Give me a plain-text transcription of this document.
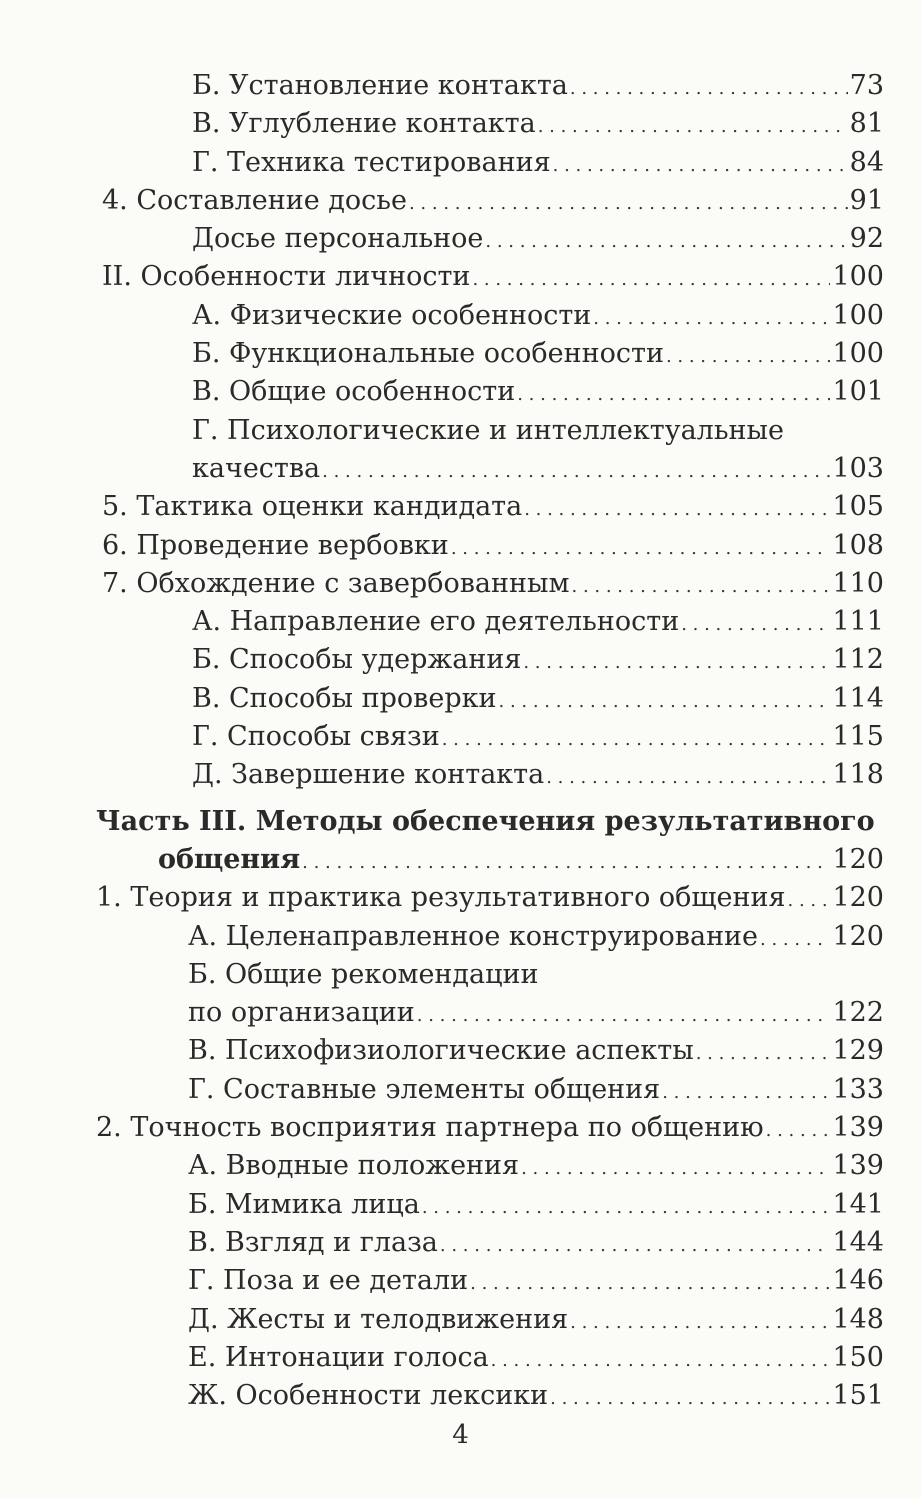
Б. Установление контакта . . .	73
В. Углубление контакта . . .	81
Г. Техника тестирования . . .	84
4. Составление досье . . .	91
Досье персональное . . .	92
II. Особенности личности . . .	100
А. Физические особенности . . .	100
Б. Функциональные особенности . . .	100
В. Общие особенности . . .	101
Г. Психологические и интеллектуальные
качества . . .	103
5. Тактика оценки кандидата . . .	105
6. Проведение вербовки . . .	108
7. Обхождение с завербованным . . .	110
А. Направление его деятельности . . .	111
Б. Способы удержания . . .	112
В. Способы проверки . . .	114
Г. Способы связи . . .	115
Д. Завершение контакта . . .	118
Часть III. Методы обеспечения результативного
общения . . .	120
1. Теория и практика результативного общения . . . 120
А. Целенаправленное конструирование . . .	120
Б. Общие рекомендации
по организации . . .	122
В. Психофизиологические аспекты . . .	129
Г. Составные элементы общения . . .	133
2. Точность восприятия партнера по общению . . .	139
А. Вводные положения . . .	139
Б. Мимика лица . . .	141
В. Взгляд и глаза . . .	144
Г. Поза и ее детали . . .	146
Д. Жесты и телодвижения . . .	148
Е. Интонации голоса . . .	150
Ж. Особенности лексики . . .	151
4
